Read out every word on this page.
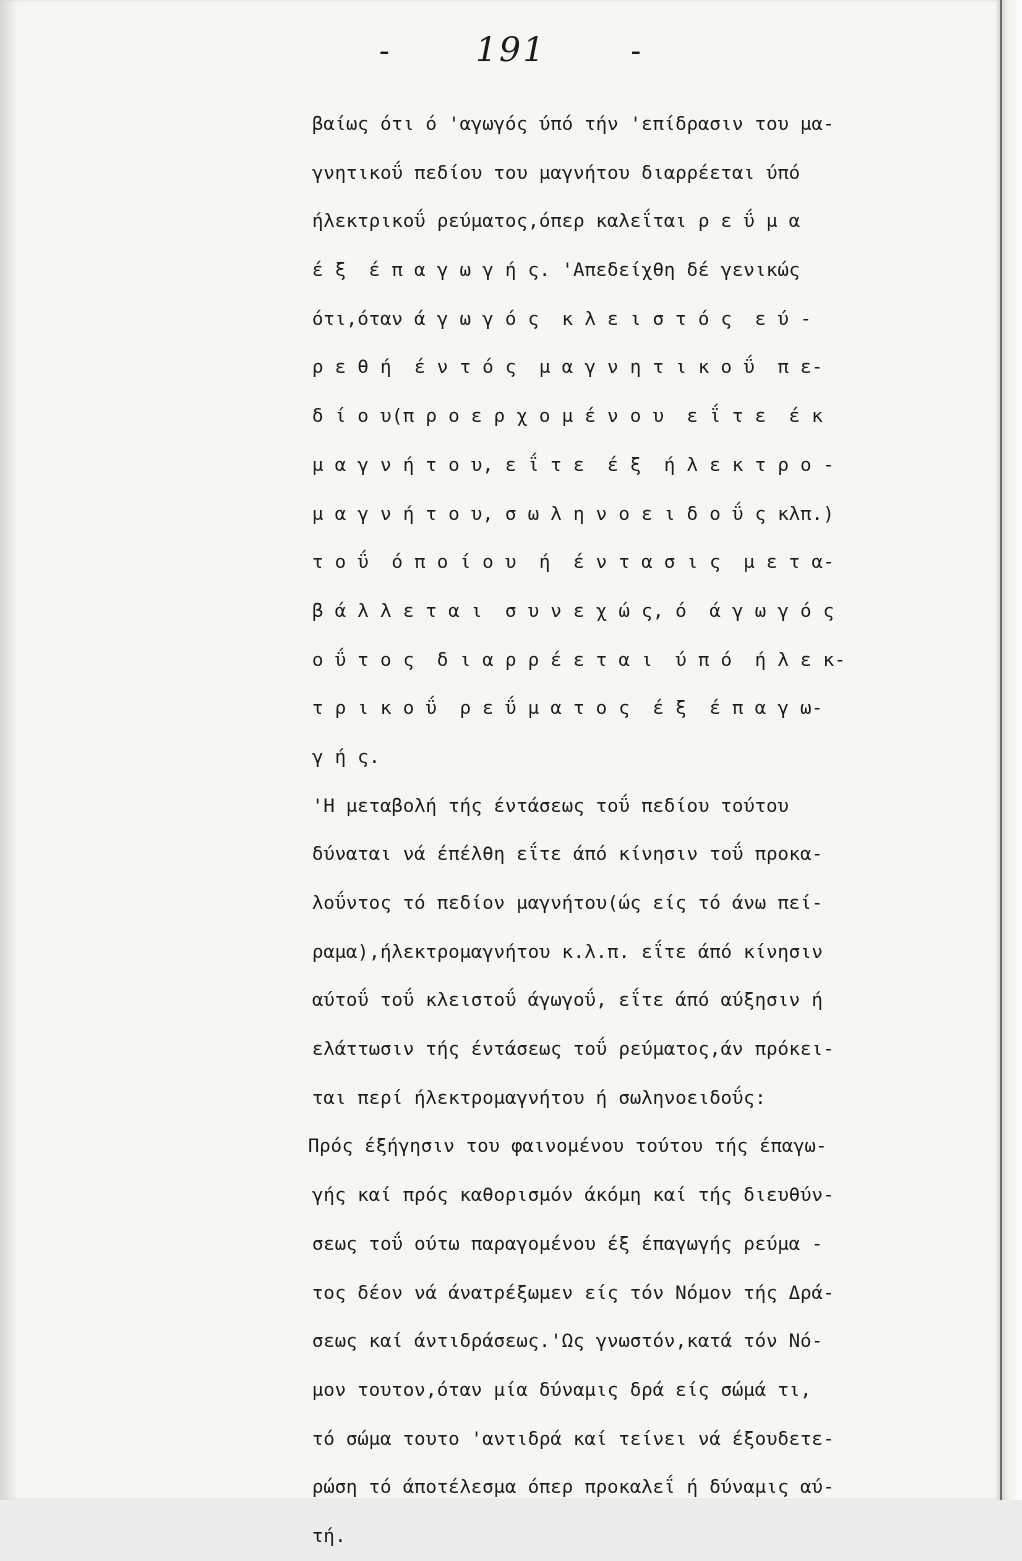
- 191	-
βαίως ότι ό 'αγωγός ύπό τήν 'επίδρασιν του μα-
γνητικοΰ πεδίου του μαγνήτου διαρρέεται ύπό
ήλεκτρικοΰ ρεύματος,όπερ καλεΐται ρ ε ΰ μ α
έ ξ  έ π α γ ω γ ή ς. 'Απεδείχθη δέ γενικώς
ότι,όταν ά γ ω γ ό ς  κ λ ε ι σ τ ό ς  ε ύ -
ρ ε θ ή  έ ν τ ό ς  μ α γ ν η τ ι κ ο ΰ  π ε-
δ ί ο υ(π ρ ο ε ρ χ ο μ έ ν ο υ  ε ΐ τ ε  έ κ
μ α γ ν ή τ ο υ, ε ΐ τ ε  έ ξ  ή λ ε κ τ ρ ο -
μ α γ ν ή τ ο υ, σ ω λ η ν ο ε ι δ ο ΰ ς κλπ.)
τ ο ΰ  ό π ο ί ο υ  ή  έ ν τ α σ ι ς  μ ε τ α-
β ά λ λ ε τ α ι  σ υ ν ε χ ώ ς, ό  ά γ ω γ ό ς
ο ΰ τ ο ς  δ ι α ρ ρ έ ε τ α ι  ύ π ό  ή λ ε κ-
τ ρ ι κ ο ΰ  ρ ε ΰ μ α τ ο ς  έ ξ  έ π α γ ω-
γ ή ς.
'Η μεταβολή τής έντάσεως τοΰ πεδίου τούτου
δύναται νά έπέλθη εΐτε άπό κίνησιν τοΰ προκα-
λοΰντος τό πεδίον μαγνήτου(ώς είς τό άνω πεί-
ραμα),ήλεκτρομαγνήτου κ.λ.π. εΐτε άπό κίνησιν
αύτοΰ τοΰ κλειστοΰ άγωγοΰ, εΐτε άπό αύξησιν ή
ελάττωσιν τής έντάσεως τοΰ ρεύματος,άν πρόκει-
ται περί ήλεκτρομαγνήτου ή σωληνοειδοΰς:
Πρός έξήγησιν του φαινομένου τούτου τής έπαγω-
γής καί πρός καθορισμόν άκόμη καί τής διευθύν-
σεως τοΰ ούτω παραγομένου έξ έπαγωγής ρεύμα -
τος δέον νά άνατρέξωμεν είς τόν Νόμον τής Δρά-
σεως καί άντιδράσεως.'Ως γνωστόν,κατά τόν Νό-
μον τουτον,όταν μία δύναμις δρά είς σώμά τι,
τό σώμα τουτο 'αντιδρά καί τείνει νά έξουδετε-
ρώση τό άποτέλεσμα όπερ προκαλεΐ ή δύναμις αύ-
τή.
